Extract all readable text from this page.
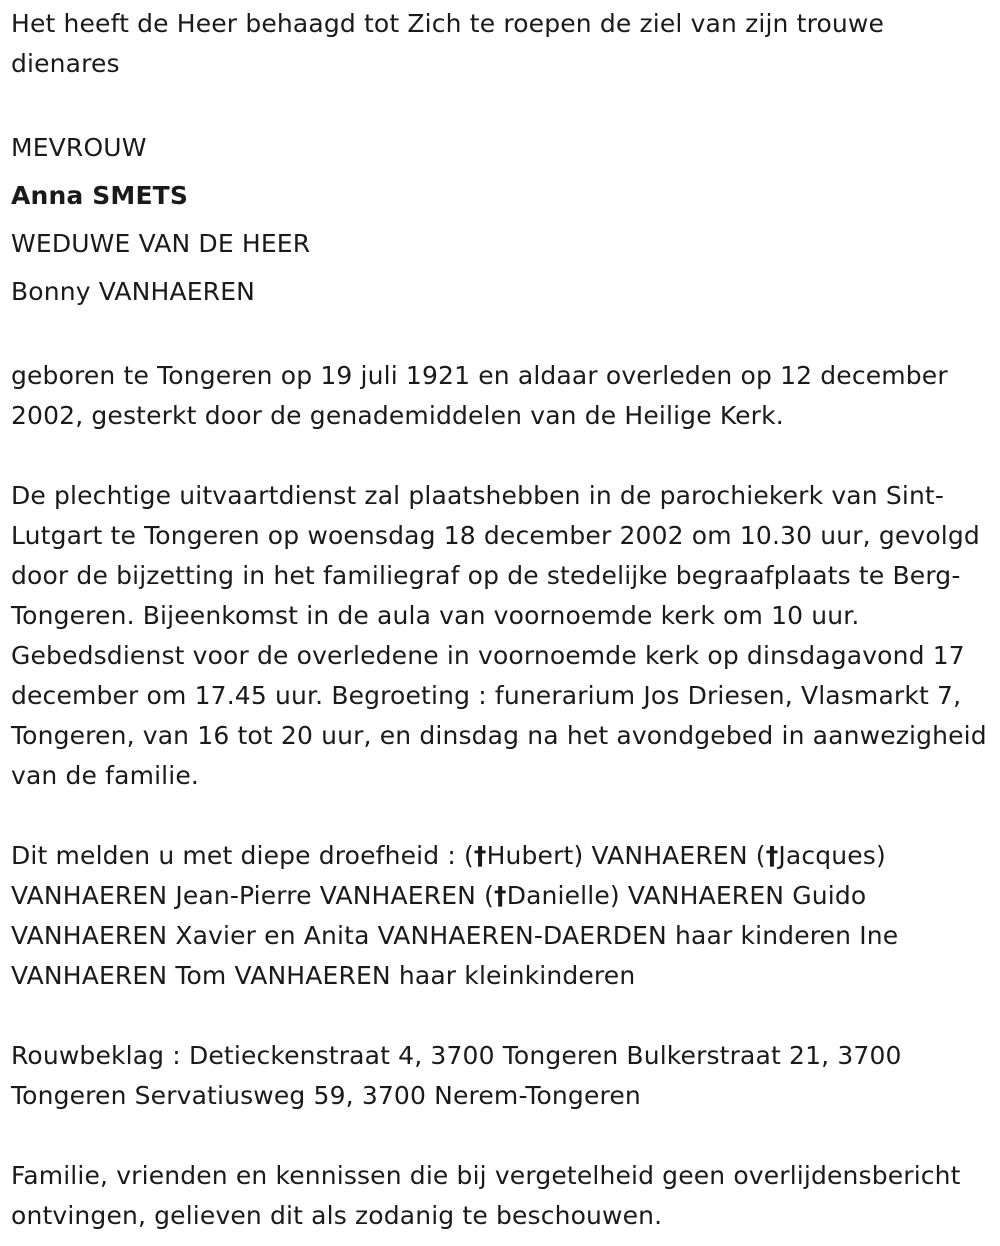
Het heeft de Heer behaagd tot Zich te roepen de ziel van zijn trouwe dienares

MEVROUW

Anna SMETS

WEDUWE VAN DE HEER

Bonny VANHAEREN

geboren te Tongeren op 19 juli 1921 en aldaar overleden op 12 december 2002, gesterkt door de genademiddelen van de Heilige Kerk.

De plechtige uitvaartdienst zal plaatshebben in de parochiekerk van Sint-Lutgart te Tongeren op woensdag 18 december 2002 om 10.30 uur, gevolgd door de bijzetting in het familiegraf op de stedelijke begraafplaats te Berg-Tongeren. Bijeenkomst in de aula van voornoemde kerk om 10 uur. Gebedsdienst voor de overledene in voornoemde kerk op dinsdagavond 17 december om 17.45 uur. Begroeting : funerarium Jos Driesen, Vlasmarkt 7, Tongeren, van 16 tot 20 uur, en dinsdag na het avondgebed in aanwezigheid van de familie.

Dit melden u met diepe droefheid : (†Hubert) VANHAEREN (†Jacques) VANHAEREN Jean-Pierre VANHAEREN (†Danielle) VANHAEREN Guido VANHAEREN Xavier en Anita VANHAEREN-DAERDEN haar kinderen Ine VANHAEREN Tom VANHAEREN haar kleinkinderen

Rouwbeklag : Detieckenstraat 4, 3700 Tongeren Bulkerstraat 21, 3700 Tongeren Servatiusweg 59, 3700 Nerem-Tongeren

Familie, vrienden en kennissen die bij vergetelheid geen overlijdensbericht ontvingen, gelieven dit als zodanig te beschouwen.
